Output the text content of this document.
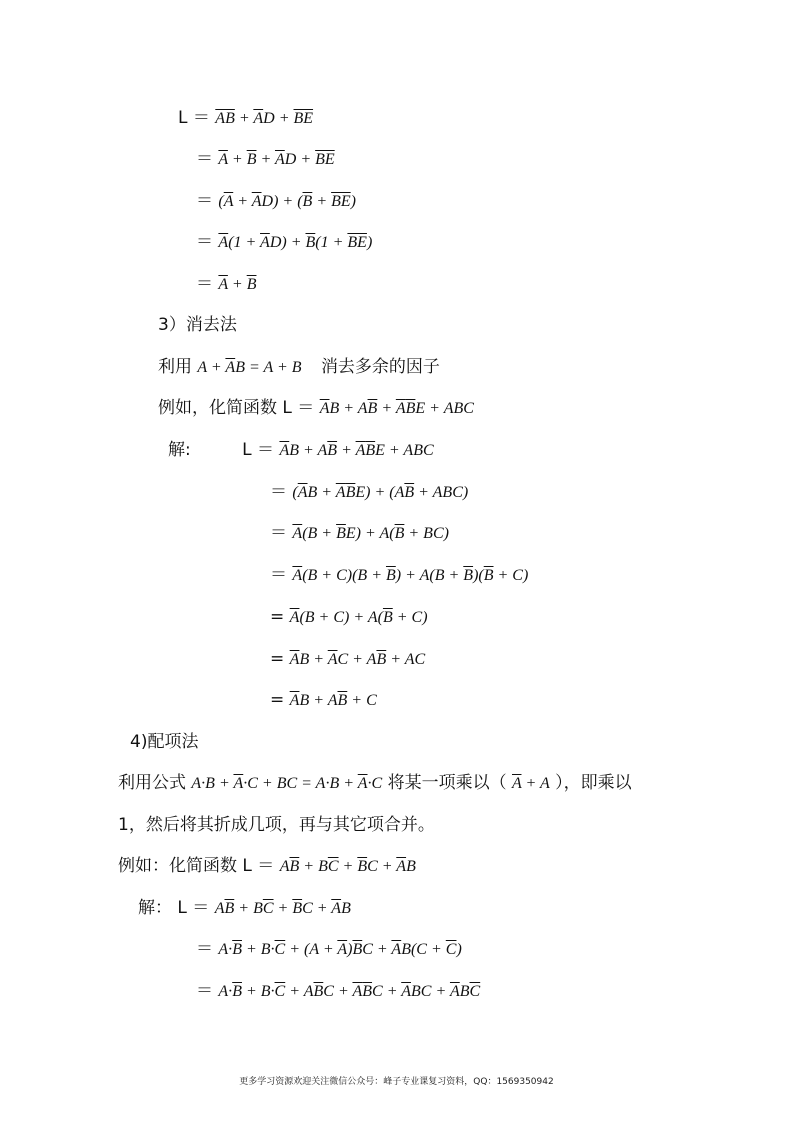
$L = \overline{AB} + \overline{A}D + \overline{BE}$
＝ $\overline{A} + \overline{B} + \overline{A}D + \overline{BE}$
＝ $(\overline{A} + \overline{A}D) + (\overline{B} + \overline{BE})$
＝ $\overline{A}(1 + \overline{A}D) + \overline{B}(1 + \overline{BE})$
＝ $\overline{A} + \overline{B}$
3）消去法
利用 $A + \overline{A}B = A + B$ 消去多余的因子
例如，化简函数 $L = \overline{A}B + A\overline{B} + \overline{A}\overline{B}E$ + ABC
解:	$L = \overline{A}B + A\overline{B} + \overline{A}\overline{B}E$ + ABC
＝ $(\overline{A}B + \overline{A}\overline{B}E) + (A\overline{B} + ABC)$
＝ $\overline{A}(B + \overline{B}E) + A(\overline{B} + BC)$
＝ $\overline{A}(B + C)(B + \overline{B}) + A(B + \overline{B})(\overline{B} + C)$
= $\overline{A}(B + C) + A(\overline{B} + C)$
= $\overline{A}B + \overline{A}C + A\overline{B}$ + AC
= $\overline{A}B + A\overline{B} + C$
4)配项法
利用公式 $A\cdot B + \overline{A}\cdot C$ + BC = $A\cdot B + \overline{A}\cdot C$ 将某一项乘以（ $\overline{A} + A$ ），即乘以
1，然后将其折成几项，再与其它项合并。
例如：化简函数 $L = A\overline{B} + B\overline{C} + \overline{B}C + \overline{A}B$
解： $L = A\overline{B} + B\overline{C} + \overline{B}C + \overline{A}B$
＝ $A\cdot\overline{B} + B\cdot\overline{C} + (A + \overline{A})\overline{B}C + \overline{A}B(C + \overline{C})$
＝ $A\cdot\overline{B} + B\cdot\overline{C} + A\overline{B}C + \overline{A}\overline{B}C + \overline{A}BC + \overline{A}B\overline{C}$
更多学习资源欢迎关注微信公众号：峰子专业课复习资料，QQ：1569350942
